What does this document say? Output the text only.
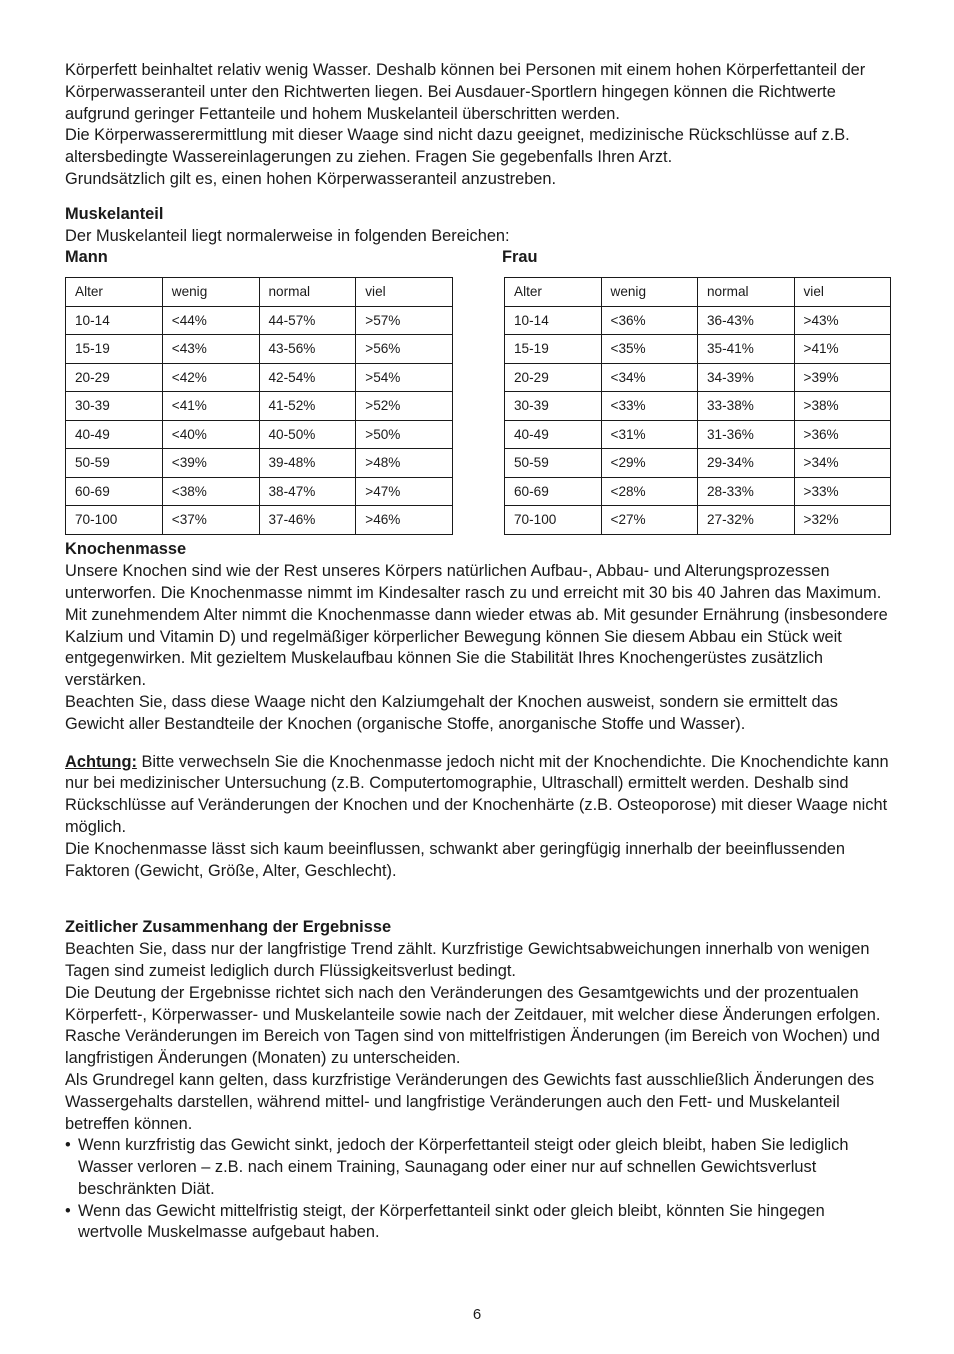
Körperfett beinhaltet relativ wenig Wasser. Deshalb können bei Personen mit einem hohen Körperfettanteil der Körperwasseranteil unter den Richtwerten liegen. Bei Ausdauer-Sportlern hingegen können die Richtwerte aufgrund geringer Fettanteile und hohem Muskelanteil überschritten werden.

Die Körperwasserermittlung mit dieser Waage sind nicht dazu geeignet, medizinische Rückschlüsse auf z.B. altersbedingte Wassereinlagerungen zu ziehen. Fragen Sie gegebenfalls Ihren Arzt.

Grundsätzlich gilt es, einen hohen Körperwasseranteil anzustreben.

Muskelanteil

Der Muskelanteil liegt normalerweise in folgenden Bereichen:

Mann	Frau

Alter	wenig	normal	viel
10-14	<44%	44-57%	>57%
15-19	<43%	43-56%	>56%
20-29	<42%	42-54%	>54%
30-39	<41%	41-52%	>52%
40-49	<40%	40-50%	>50%
50-59	<39%	39-48%	>48%
60-69	<38%	38-47%	>47%
70-100	<37%	37-46%	>46%
Alter	wenig	normal	viel
10-14	<36%	36-43%	>43%
15-19	<35%	35-41%	>41%
20-29	<34%	34-39%	>39%
30-39	<33%	33-38%	>38%
40-49	<31%	31-36%	>36%
50-59	<29%	29-34%	>34%
60-69	<28%	28-33%	>33%
70-100	<27%	27-32%	>32%

Knochenmasse

Unsere Knochen sind wie der Rest unseres Körpers natürlichen Aufbau-, Abbau- und Alterungsprozessen unterworfen. Die Knochenmasse nimmt im Kindesalter rasch zu und erreicht mit 30 bis 40 Jahren das Maximum. Mit zunehmendem Alter nimmt die Knochenmasse dann wieder etwas ab. Mit gesunder Ernährung (insbesondere Kalzium und Vitamin D) und regelmäßiger körperlicher Bewegung können Sie diesem Abbau ein Stück weit entgegenwirken. Mit gezieltem Muskelaufbau können Sie die Stabilität Ihres Knochengerüstes zusätzlich verstärken.

Beachten Sie, dass diese Waage nicht den Kalziumgehalt der Knochen ausweist, sondern sie ermittelt das Gewicht aller Bestandteile der Knochen (organische Stoffe, anorganische Stoffe und Wasser).

Achtung: Bitte verwechseln Sie die Knochenmasse jedoch nicht mit der Knochendichte. Die Knochendichte kann nur bei medizinischer Untersuchung (z.B. Computertomographie, Ultraschall) ermittelt werden. Deshalb sind Rückschlüsse auf Veränderungen der Knochen und der Knochenhärte (z.B. Osteoporose) mit dieser Waage nicht möglich.

Die Knochenmasse lässt sich kaum beeinflussen, schwankt aber geringfügig innerhalb der beeinflussenden Faktoren (Gewicht, Größe, Alter, Geschlecht).

Zeitlicher Zusammenhang der Ergebnisse

Beachten Sie, dass nur der langfristige Trend zählt. Kurzfristige Gewichtsabweichungen innerhalb von wenigen Tagen sind zumeist lediglich durch Flüssigkeitsverlust bedingt.

Die Deutung der Ergebnisse richtet sich nach den Veränderungen des Gesamtgewichts und der prozentualen Körperfett-, Körperwasser- und Muskelanteile sowie nach der Zeitdauer, mit welcher diese Änderungen erfolgen. Rasche Veränderungen im Bereich von Tagen sind von mittelfristigen Änderungen (im Bereich von Wochen) und langfristigen Änderungen (Monaten) zu unterscheiden.

Als Grundregel kann gelten, dass kurzfristige Veränderungen des Gewichts fast ausschließlich Änderungen des Wassergehalts darstellen, während mittel- und langfristige Veränderungen auch den Fett- und Muskelanteil betreffen können.

• Wenn kurzfristig das Gewicht sinkt, jedoch der Körperfettanteil steigt oder gleich bleibt, haben Sie lediglich Wasser verloren – z.B. nach einem Training, Saunagang oder einer nur auf schnellen Gewichtsverlust beschränkten Diät.
• Wenn das Gewicht mittelfristig steigt, der Körperfettanteil sinkt oder gleich bleibt, könnten Sie hingegen wertvolle Muskelmasse aufgebaut haben.
6
